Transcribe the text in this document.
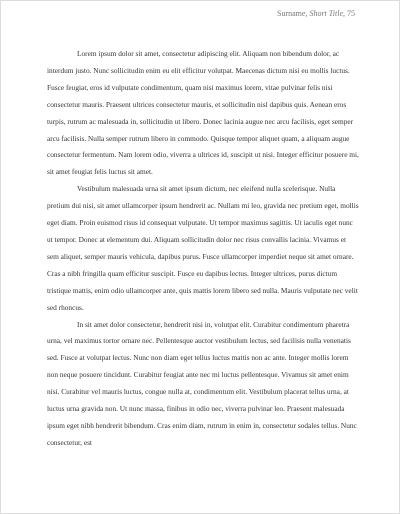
Surname, Short Title, 75

Lorem ipsum dolor sit amet, consectetur adipiscing elit. Aliquam non bibendum dolor, ac interdum justo. Nunc sollicitudin enim eu elit efficitur volutpat. Maecenas dictum nisi eu mollis luctus. Fusce feugiat, eros id vulputate condimentum, quam nisi maximus lorem, vitae pulvinar felis nisi consectetur mauris. Praesent ultrices consectetur mauris, et sollicitudin nisl dapibus quis. Aenean eros turpis, rutrum ac malesuada in, sollicitudin ut libero. Donec lacinia augue nec arcu facilisis, eget semper arcu facilisis. Nulla semper rutrum libero in commodo. Quisque tempor aliquet quam, a aliquam augue consectetur fermentum. Nam lorem odio, viverra a ultrices id, suscipit ut nisi. Integer efficitur posuere mi, sit amet feugiat felis luctus sit amet.

Vestibulum malesuada urna sit amet ipsum dictum, nec eleifend nulla scelerisque. Nulla pretium dui nisi, sit amet ullamcorper ipsum hendrerit ac. Nullam mi leo, gravida nec pretium eget, mollis eget diam. Proin euismod risus id consequat vulputate. Ut tempor maximus sagittis. Ut iaculis eget nunc ut tempor. Donec at elementum dui. Aliquam sollicitudin dolor nec risus convallis lacinia. Vivamus et sem aliquet, semper mauris vehicula, dapibus purus. Fusce ullamcorper imperdiet neque sit amet ornare. Cras a nibh fringilla quam efficitur suscipit. Fusce eu dapibus lectus. Integer ultrices, purus dictum tristique mattis, enim odio ullamcorper ante, quis mattis lorem libero sed nulla. Mauris vulputate nec velit sed rhoncus.

In sit amet dolor consectetur, hendrerit nisi in, volutpat elit. Curabitur condimentum pharetra urna, vel maximus tortor ornare nec. Pellentesque auctor vestibulum lectus, sed facilisis nulla venenatis sed. Fusce at volutpat lectus. Nunc non diam eget tellus luctus mattis non ac ante. Integer mollis lorem non neque posuere tincidunt. Curabitur feugiat ante nec mi luctus pellentesque. Vivamus sit amet enim nisi. Curabitur vel mauris luctus, congue nulla at, condimentum elit. Vestibulum placerat tellus urna, at luctus urna gravida non. Ut nunc massa, finibus in odio nec, viverra pulvinar leo. Praesent malesuada ipsum eget nibh hendrerit bibendum. Cras enim diam, rutrum in enim in, consectetur sodales tellus. Nunc consectetur, est
